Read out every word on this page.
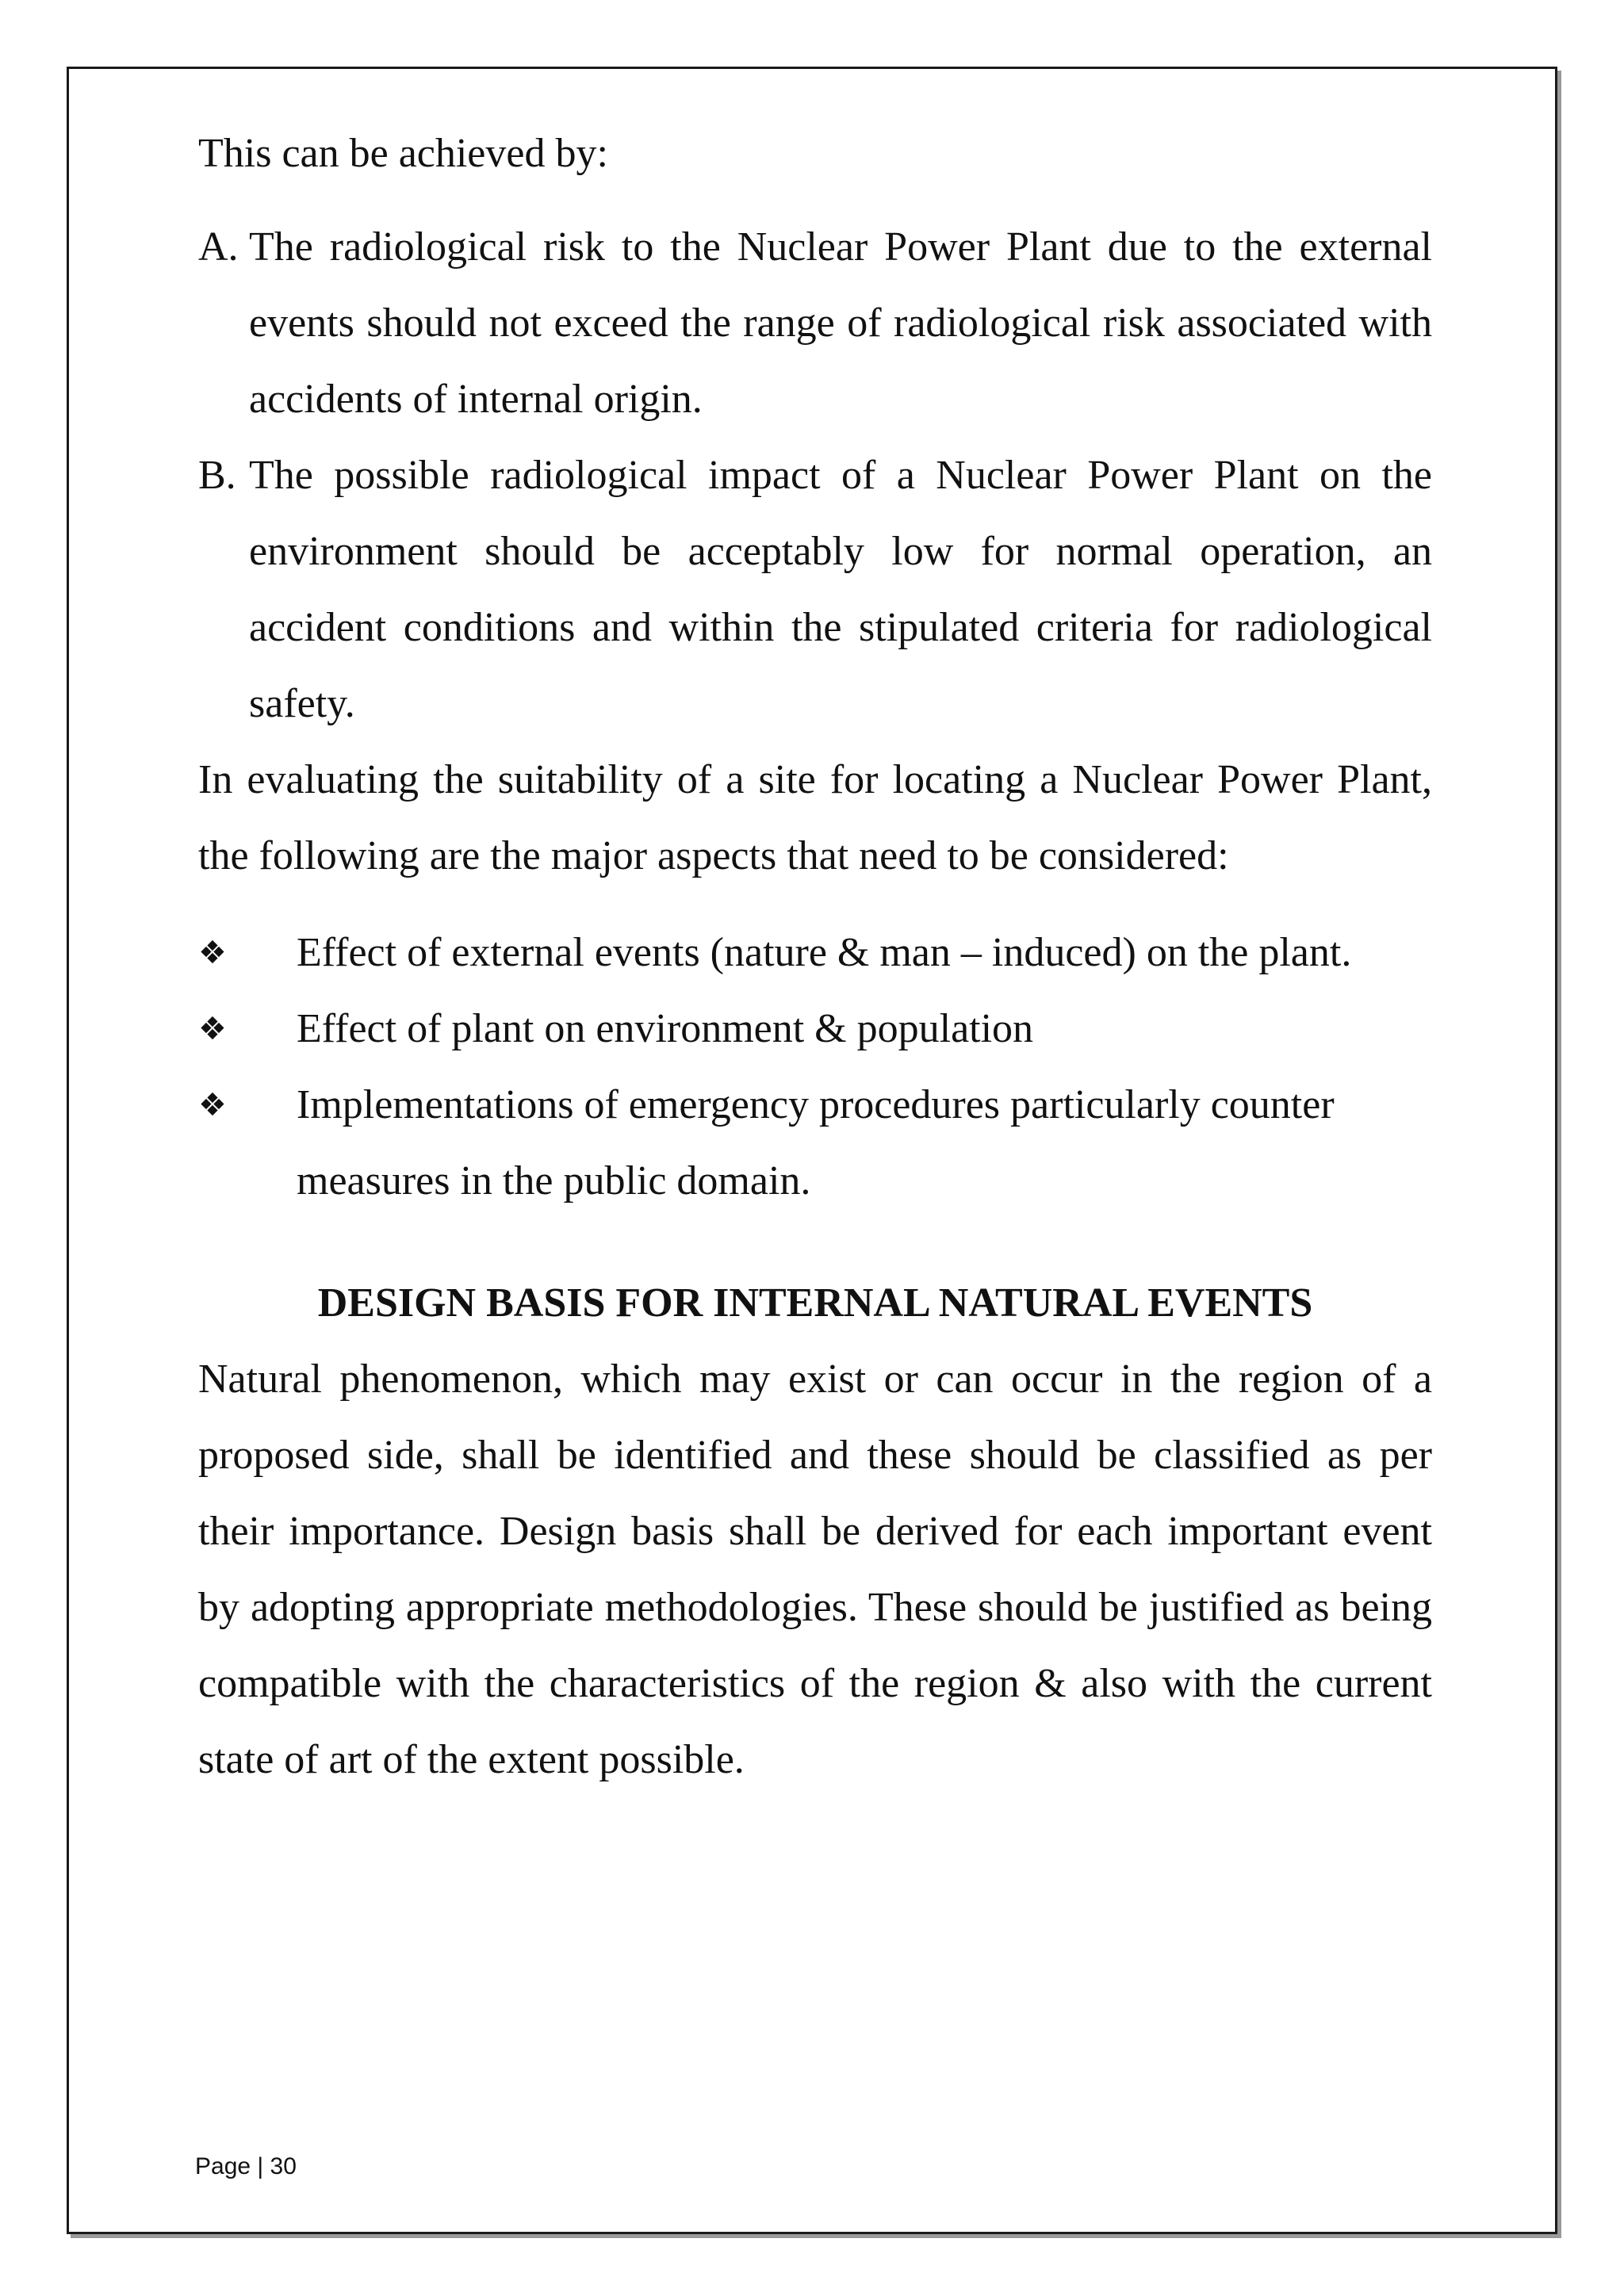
This can be achieved by:

A. The radiological risk to the Nuclear Power Plant due to the external events should not exceed the range of radiological risk associated with accidents of internal origin.
B. The possible radiological impact of a Nuclear Power Plant on the environment should be acceptably low for normal operation, an accident conditions and within the stipulated criteria for radiological safety.

In evaluating the suitability of a site for locating a Nuclear Power Plant, the following are the major aspects that need to be considered:

❖	Effect of external events (nature & man – induced) on the plant.
❖	Effect of plant on environment & population
❖	Implementations of emergency procedures particularly counter measures in the public domain.
DESIGN BASIS FOR INTERNAL NATURAL EVENTS

Natural phenomenon, which may exist or can occur in the region of a proposed side, shall be identified and these should be classified as per their importance. Design basis shall be derived for each important event by adopting appropriate methodologies. These should be justified as being compatible with the characteristics of the region & also with the current state of art of the extent possible.

Page | 30
